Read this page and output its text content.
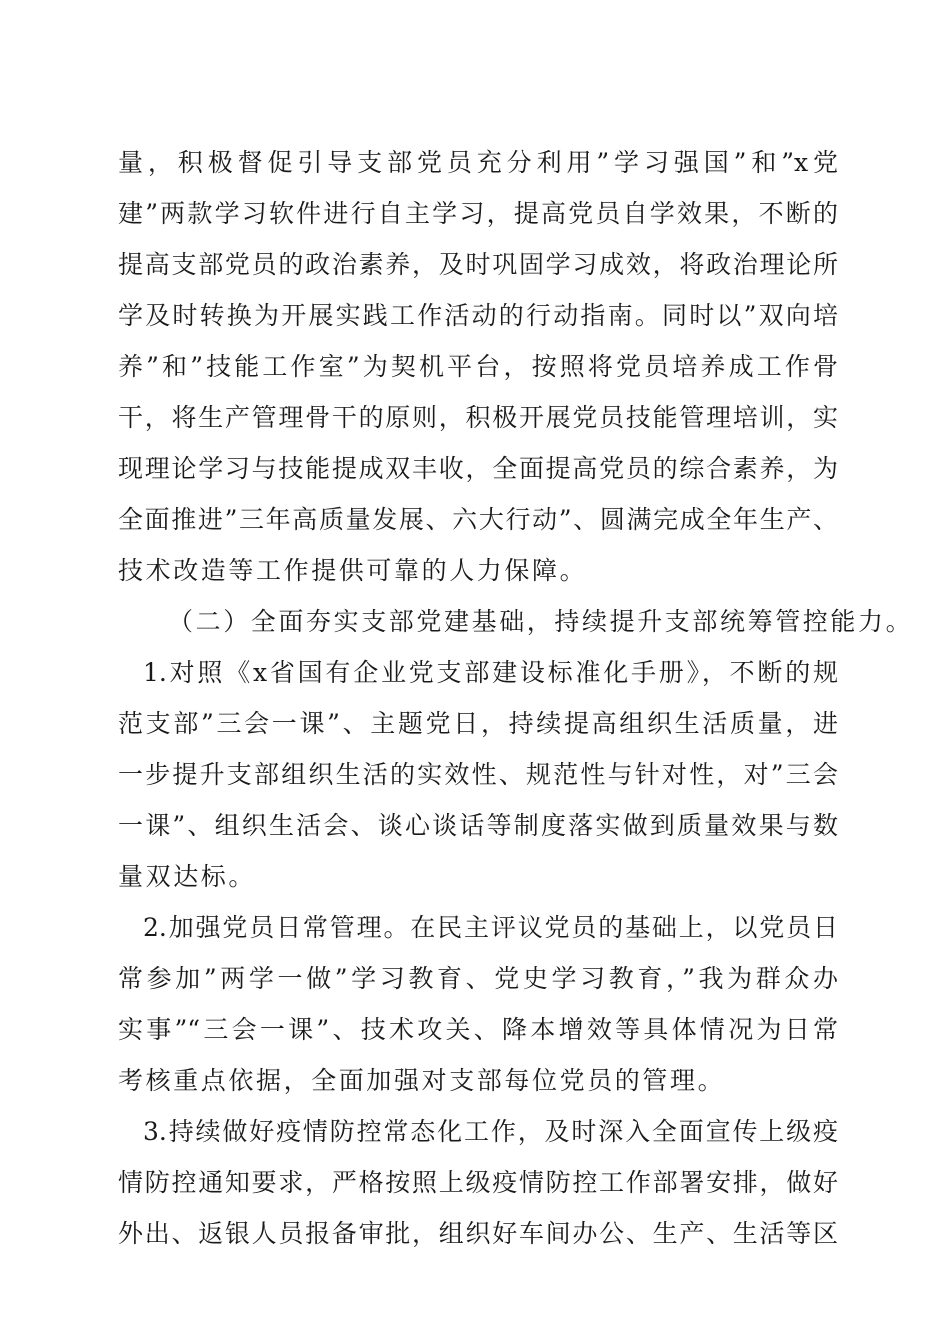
量，积极督促引导支部党员充分利用”学习强国”和”x党
建”两款学习软件进行自主学习，提高党员自学效果，不断的
提高支部党员的政治素养，及时巩固学习成效，将政治理论所
学及时转换为开展实践工作活动的行动指南。同时以”双向培
养”和”技能工作室”为契机平台，按照将党员培养成工作骨
干，将生产管理骨干的原则，积极开展党员技能管理培训，实
现理论学习与技能提成双丰收，全面提高党员的综合素养，为
全面推进”三年高质量发展、六大行动”、圆满完成全年生产、
技术改造等工作提供可靠的人力保障。
（二）全面夯实支部党建基础，持续提升支部统筹管控能力。
1.对照《x省国有企业党支部建设标准化手册》，不断的规
范支部”三会一课”、主题党日，持续提高组织生活质量，进
一步提升支部组织生活的实效性、规范性与针对性，对”三会
一课”、组织生活会、谈心谈话等制度落实做到质量效果与数
量双达标。
2.加强党员日常管理。在民主评议党员的基础上，以党员日
常参加”两学一做”学习教育、党史学习教育，”我为群众办
实事”“三会一课”、技术攻关、降本增效等具体情况为日常
考核重点依据，全面加强对支部每位党员的管理。
3.持续做好疫情防控常态化工作，及时深入全面宣传上级疫
情防控通知要求，严格按照上级疫情防控工作部署安排，做好
外出、返银人员报备审批，组织好车间办公、生产、生活等区
